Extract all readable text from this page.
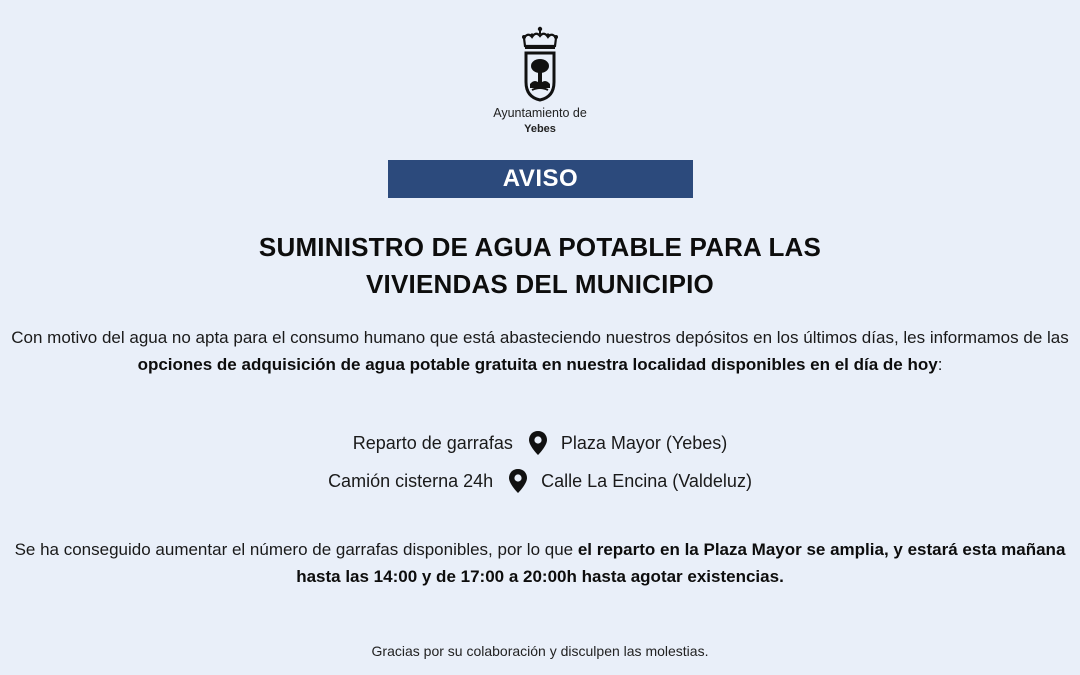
Ayuntamiento de
Yebes
AVISO
SUMINISTRO DE AGUA POTABLE PARA LAS
VIVIENDAS DEL MUNICIPIO
Con motivo del agua no apta para el consumo humano que está abasteciendo nuestros depósitos en los últimos días, les informamos de las opciones de adquisición de agua potable gratuita en nuestra localidad disponibles en el día de hoy:
Reparto de garrafas	Plaza Mayor (Yebes)
Camión cisterna 24h	Calle La Encina (Valdeluz)
Se ha conseguido aumentar el número de garrafas disponibles, por lo que el reparto en la Plaza Mayor se amplia, y estará esta mañana hasta las 14:00 y de 17:00 a 20:00h hasta agotar existencias.
Gracias por su colaboración y disculpen las molestias.
